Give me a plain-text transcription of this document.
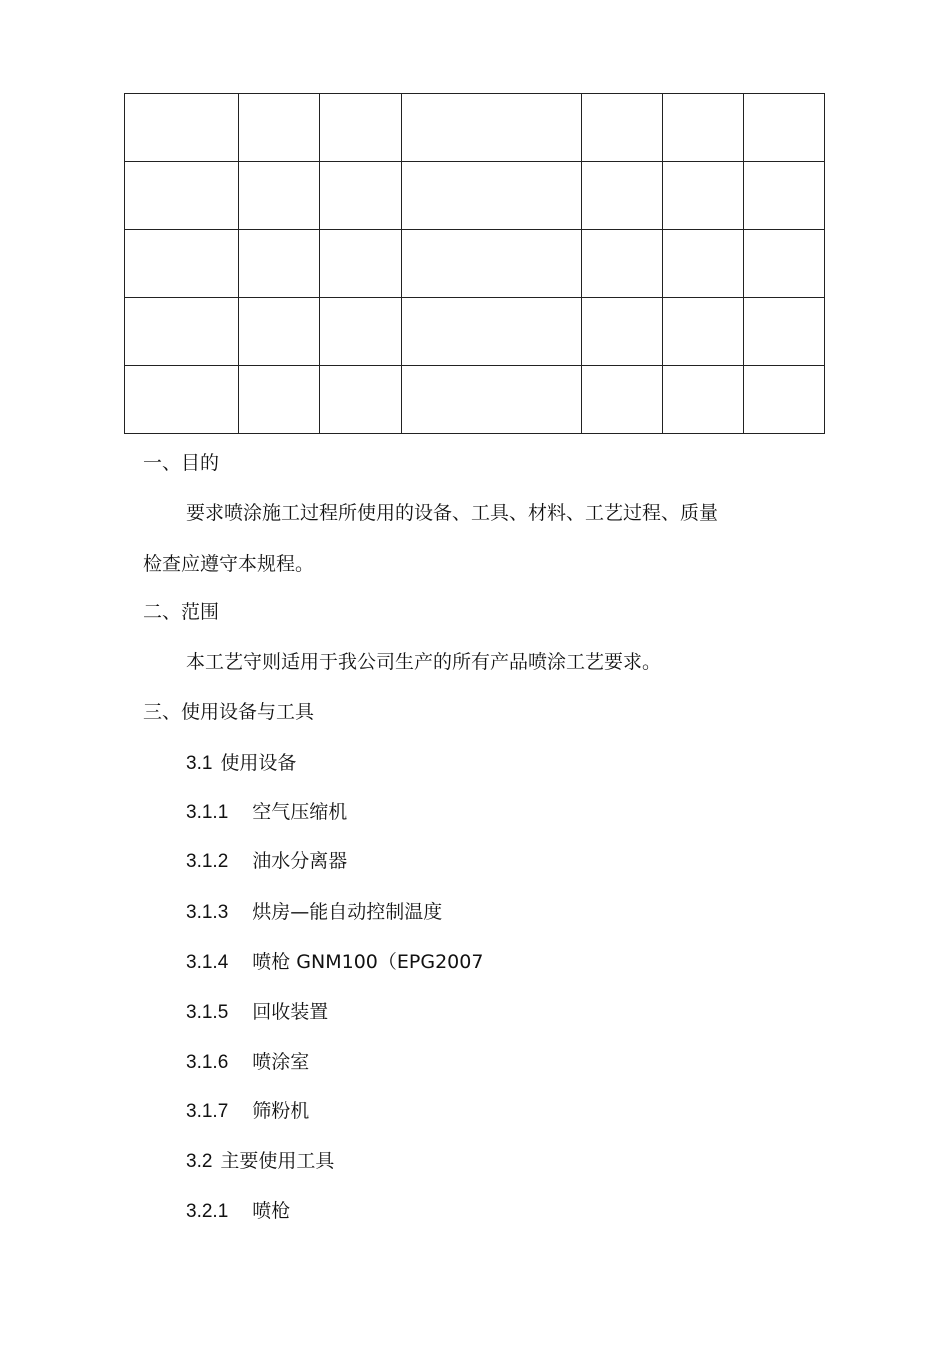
一、目的

要求喷涂施工过程所使用的设备、工具、材料、工艺过程、质量

检查应遵守本规程。

二、范围

本工艺守则适用于我公司生产的所有产品喷涂工艺要求。

三、使用设备与工具

3.1 使用设备

3.1.1 空气压缩机

3.1.2 油水分离器

3.1.3 烘房—能自动控制温度

3.1.4 喷枪 GNM100（EPG2007

3.1.5 回收装置

3.1.6 喷涂室

3.1.7 筛粉机

3.2 主要使用工具

3.2.1 喷枪
